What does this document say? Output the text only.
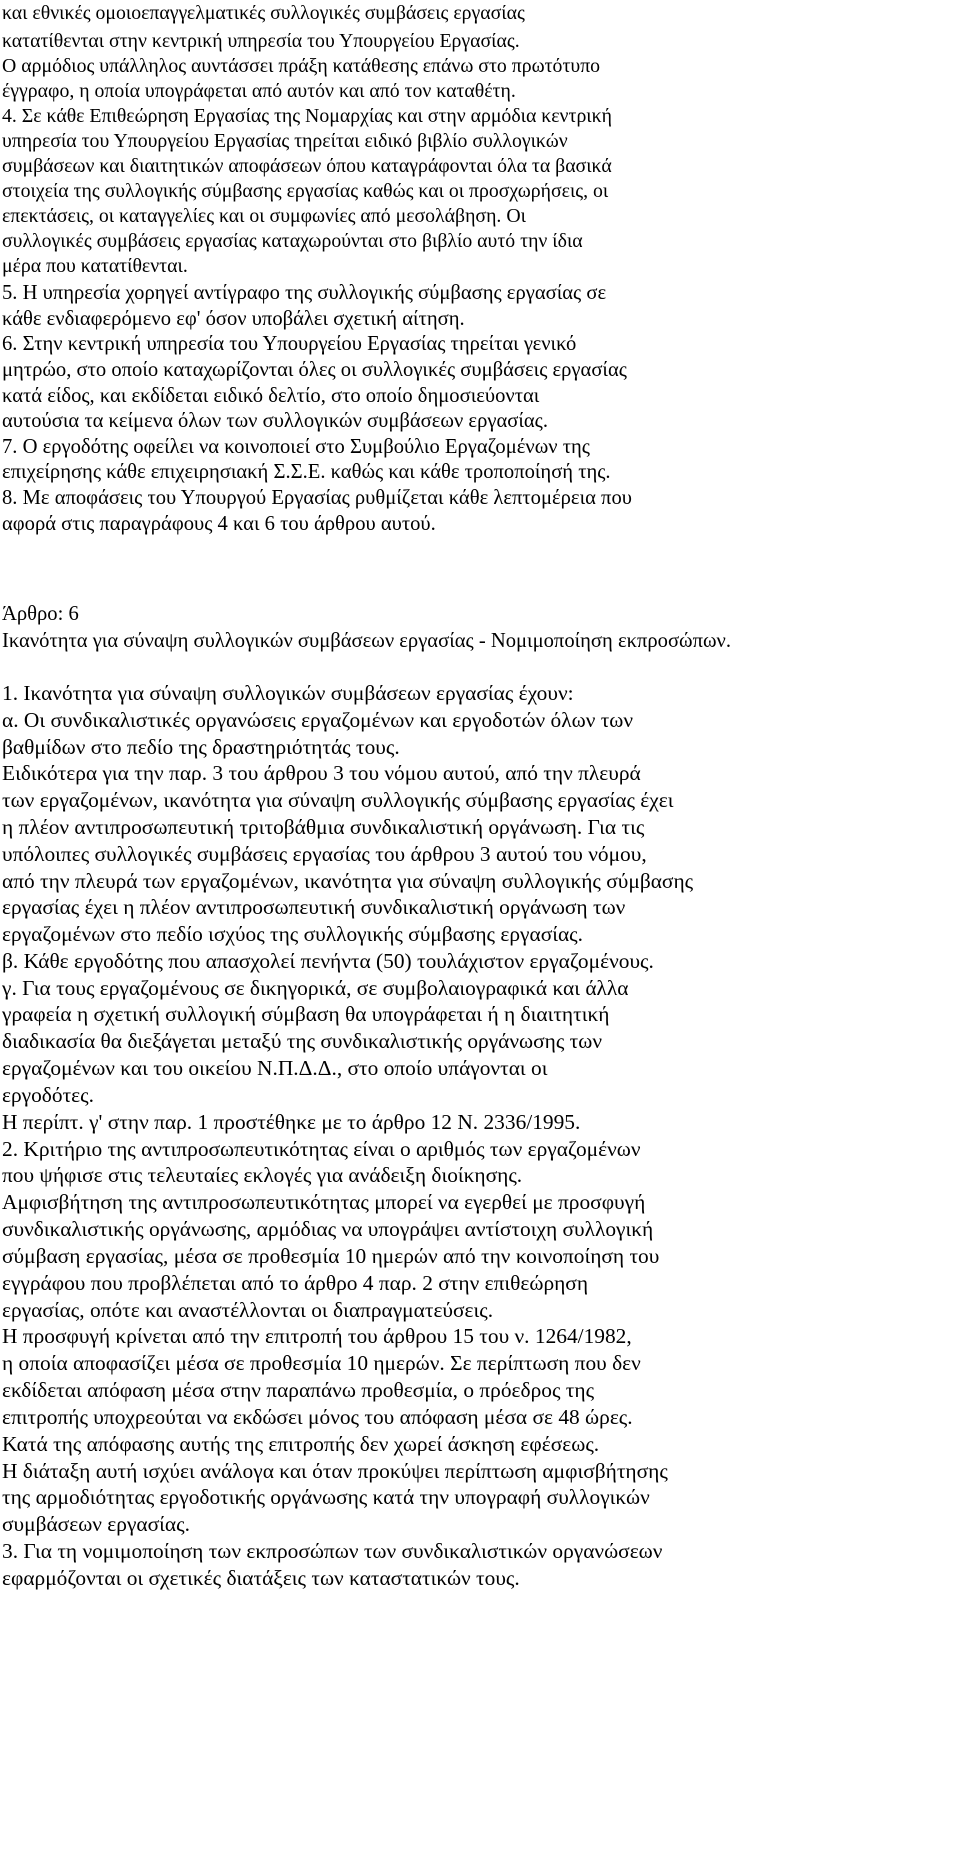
και εθνικές ομοιοεπαγγελματικές συλλογικές συμβάσεις εργασίας
κατατίθενται στην κεντρική υπηρεσία του Υπουργείου Εργασίας.
Ο αρμόδιος υπάλληλος αυντάσσει πράξη κατάθεσης επάνω στο πρωτότυπο
έγγραφο, η οποία υπογράφεται από αυτόν και από τον καταθέτη.
4. Σε κάθε Επιθεώρηση Εργασίας της Νομαρχίας και στην αρμόδια κεντρική
υπηρεσία του Υπουργείου Εργασίας τηρείται ειδικό βιβλίο συλλογικών
συμβάσεων και διαιτητικών αποφάσεων όπου καταγράφονται όλα τα βασικά
στοιχεία της συλλογικής σύμβασης εργασίας καθώς και οι προσχωρήσεις, οι
επεκτάσεις, οι καταγγελίες και οι συμφωνίες από μεσολάβηση. Οι
συλλογικές συμβάσεις εργασίας καταχωρούνται στο βιβλίο αυτό την ίδια
μέρα που κατατίθενται.
5. Η υπηρεσία χορηγεί αντίγραφο της συλλογικής σύμβασης εργασίας σε
κάθε ενδιαφερόμενο εφ' όσον υποβάλει σχετική αίτηση.
6. Στην κεντρική υπηρεσία του Υπουργείου Εργασίας τηρείται γενικό
μητρώο, στο οποίο καταχωρίζονται όλες οι συλλογικές συμβάσεις εργασίας
κατά είδος, και εκδίδεται ειδικό δελτίο, στο οποίο δημοσιεύονται
αυτούσια τα κείμενα όλων των συλλογικών συμβάσεων εργασίας.
7. Ο εργοδότης οφείλει να κοινοποιεί στο Συμβούλιο Εργαζομένων της
επιχείρησης κάθε επιχειρησιακή Σ.Σ.Ε. καθώς και κάθε τροποποίησή της.
8. Με αποφάσεις του Υπουργού Εργασίας ρυθμίζεται κάθε λεπτομέρεια που
αφορά στις παραγράφους 4 και 6 του άρθρου αυτού.
Άρθρο: 6
Ικανότητα για σύναψη συλλογικών συμβάσεων εργασίας - Νομιμοποίηση εκπροσώπων.
1. Ικανότητα για σύναψη συλλογικών συμβάσεων εργασίας έχουν:
α. Οι συνδικαλιστικές οργανώσεις εργαζομένων και εργοδοτών όλων των
βαθμίδων στο πεδίο της δραστηριότητάς τους.
Ειδικότερα για την παρ. 3 του άρθρου 3 του νόμου αυτού, από την πλευρά
των εργαζομένων, ικανότητα για σύναψη συλλογικής σύμβασης εργασίας έχει
η πλέον αντιπροσωπευτική τριτοβάθμια συνδικαλιστική οργάνωση. Για τις
υπόλοιπες συλλογικές συμβάσεις εργασίας του άρθρου 3 αυτού του νόμου,
από την πλευρά των εργαζομένων, ικανότητα για σύναψη συλλογικής σύμβασης
εργασίας έχει η πλέον αντιπροσωπευτική συνδικαλιστική οργάνωση των
εργαζομένων στο πεδίο ισχύος της συλλογικής σύμβασης εργασίας.
β. Κάθε εργοδότης που απασχολεί πενήντα (50) τουλάχιστον εργαζομένους.
γ. Για τους εργαζομένους σε δικηγορικά, σε συμβολαιογραφικά και άλλα
γραφεία η σχετική συλλογική σύμβαση θα υπογράφεται ή η διαιτητική
διαδικασία θα διεξάγεται μεταξύ της συνδικαλιστικής οργάνωσης των
εργαζομένων και του οικείου Ν.Π.Δ.Δ., στο οποίο υπάγονται οι
εργοδότες.
Η περίπτ. γ' στην παρ. 1 προστέθηκε με το άρθρο 12 Ν. 2336/1995.
2. Κριτήριο της αντιπροσωπευτικότητας είναι ο αριθμός των εργαζομένων
που ψήφισε στις τελευταίες εκλογές για ανάδειξη διοίκησης.
Αμφισβήτηση της αντιπροσωπευτικότητας μπορεί να εγερθεί με προσφυγή
συνδικαλιστικής οργάνωσης, αρμόδιας να υπογράψει αντίστοιχη συλλογική
σύμβαση εργασίας, μέσα σε προθεσμία 10 ημερών από την κοινοποίηση του
εγγράφου που προβλέπεται από το άρθρο 4 παρ. 2 στην επιθεώρηση
εργασίας, οπότε και αναστέλλονται οι διαπραγματεύσεις.
Η προσφυγή κρίνεται από την επιτροπή του άρθρου 15 του ν. 1264/1982,
η οποία αποφασίζει μέσα σε προθεσμία 10 ημερών. Σε περίπτωση που δεν
εκδίδεται απόφαση μέσα στην παραπάνω προθεσμία, ο πρόεδρος της
επιτροπής υποχρεούται να εκδώσει μόνος του απόφαση μέσα σε 48 ώρες.
Κατά της απόφασης αυτής της επιτροπής δεν χωρεί άσκηση εφέσεως.
Η διάταξη αυτή ισχύει ανάλογα και όταν προκύψει περίπτωση αμφισβήτησης
της αρμοδιότητας εργοδοτικής οργάνωσης κατά την υπογραφή συλλογικών
συμβάσεων εργασίας.
3. Για τη νομιμοποίηση των εκπροσώπων των συνδικαλιστικών οργανώσεων
εφαρμόζονται οι σχετικές διατάξεις των καταστατικών τους.
